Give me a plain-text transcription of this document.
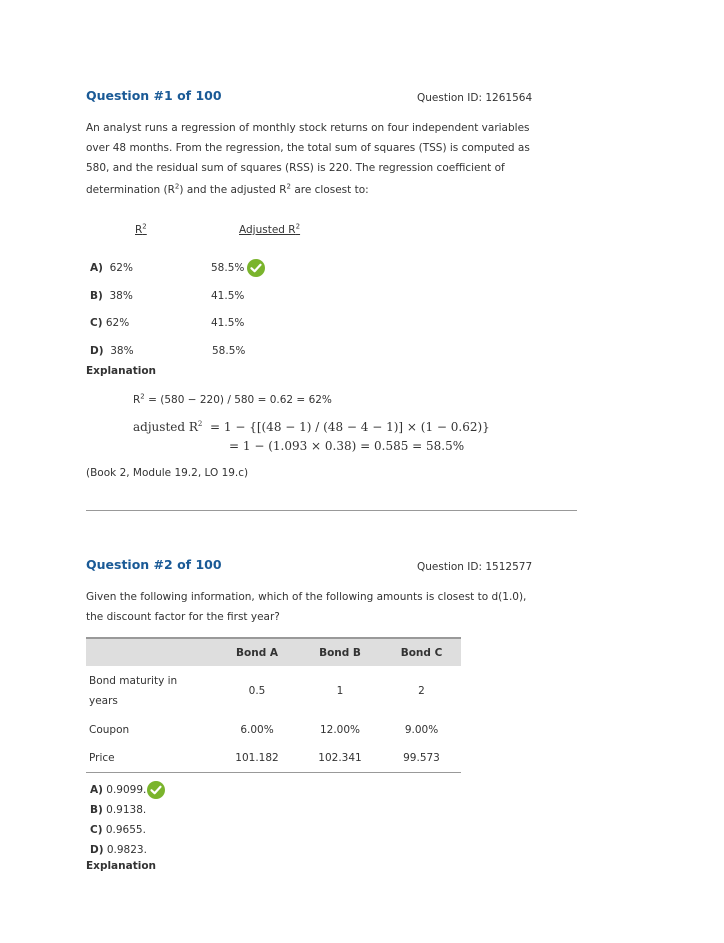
Question #1 of 100	Question ID: 1261564
An analyst runs a regression of monthly stock returns on four independent variables
over 48 months. From the regression, the total sum of squares (TSS) is computed as
580, and the residual sum of squares (RSS) is 220. The regression coefficient of
determination $(R^2)$ and the adjusted $R^2$ are closest to:
$R^2$	Adjusted $R^2$
A) 62%	58.5%
B) 38%	41.5%
C) 62%	41.5%
D) 38%	58.5%
Explanation
$R^2 = (580 - 220) / 580 = 0.62 = 62\%$
adjusted $R^2 = 1 - \{[(48 - 1) / (48 - 4 - 1)] \times (1 - 0.62)\}$
= 1 − (1.093 × 0.38) = 0.585 = 58.5%
(Book 2, Module 19.2, LO 19.c)
Question #2 of 100	Question ID: 1512577
Given the following information, which of the following amounts is closest to d(1.0),
the discount factor for the first year?
	Bond A	Bond B	Bond C

Bond maturity in
years	0.5	1	2
Coupon	6.00%	12.00%	9.00%
Price	101.182	102.341	99.573
A) 0.9099.
B) 0.9138.
C) 0.9655.
D) 0.9823.
Explanation
